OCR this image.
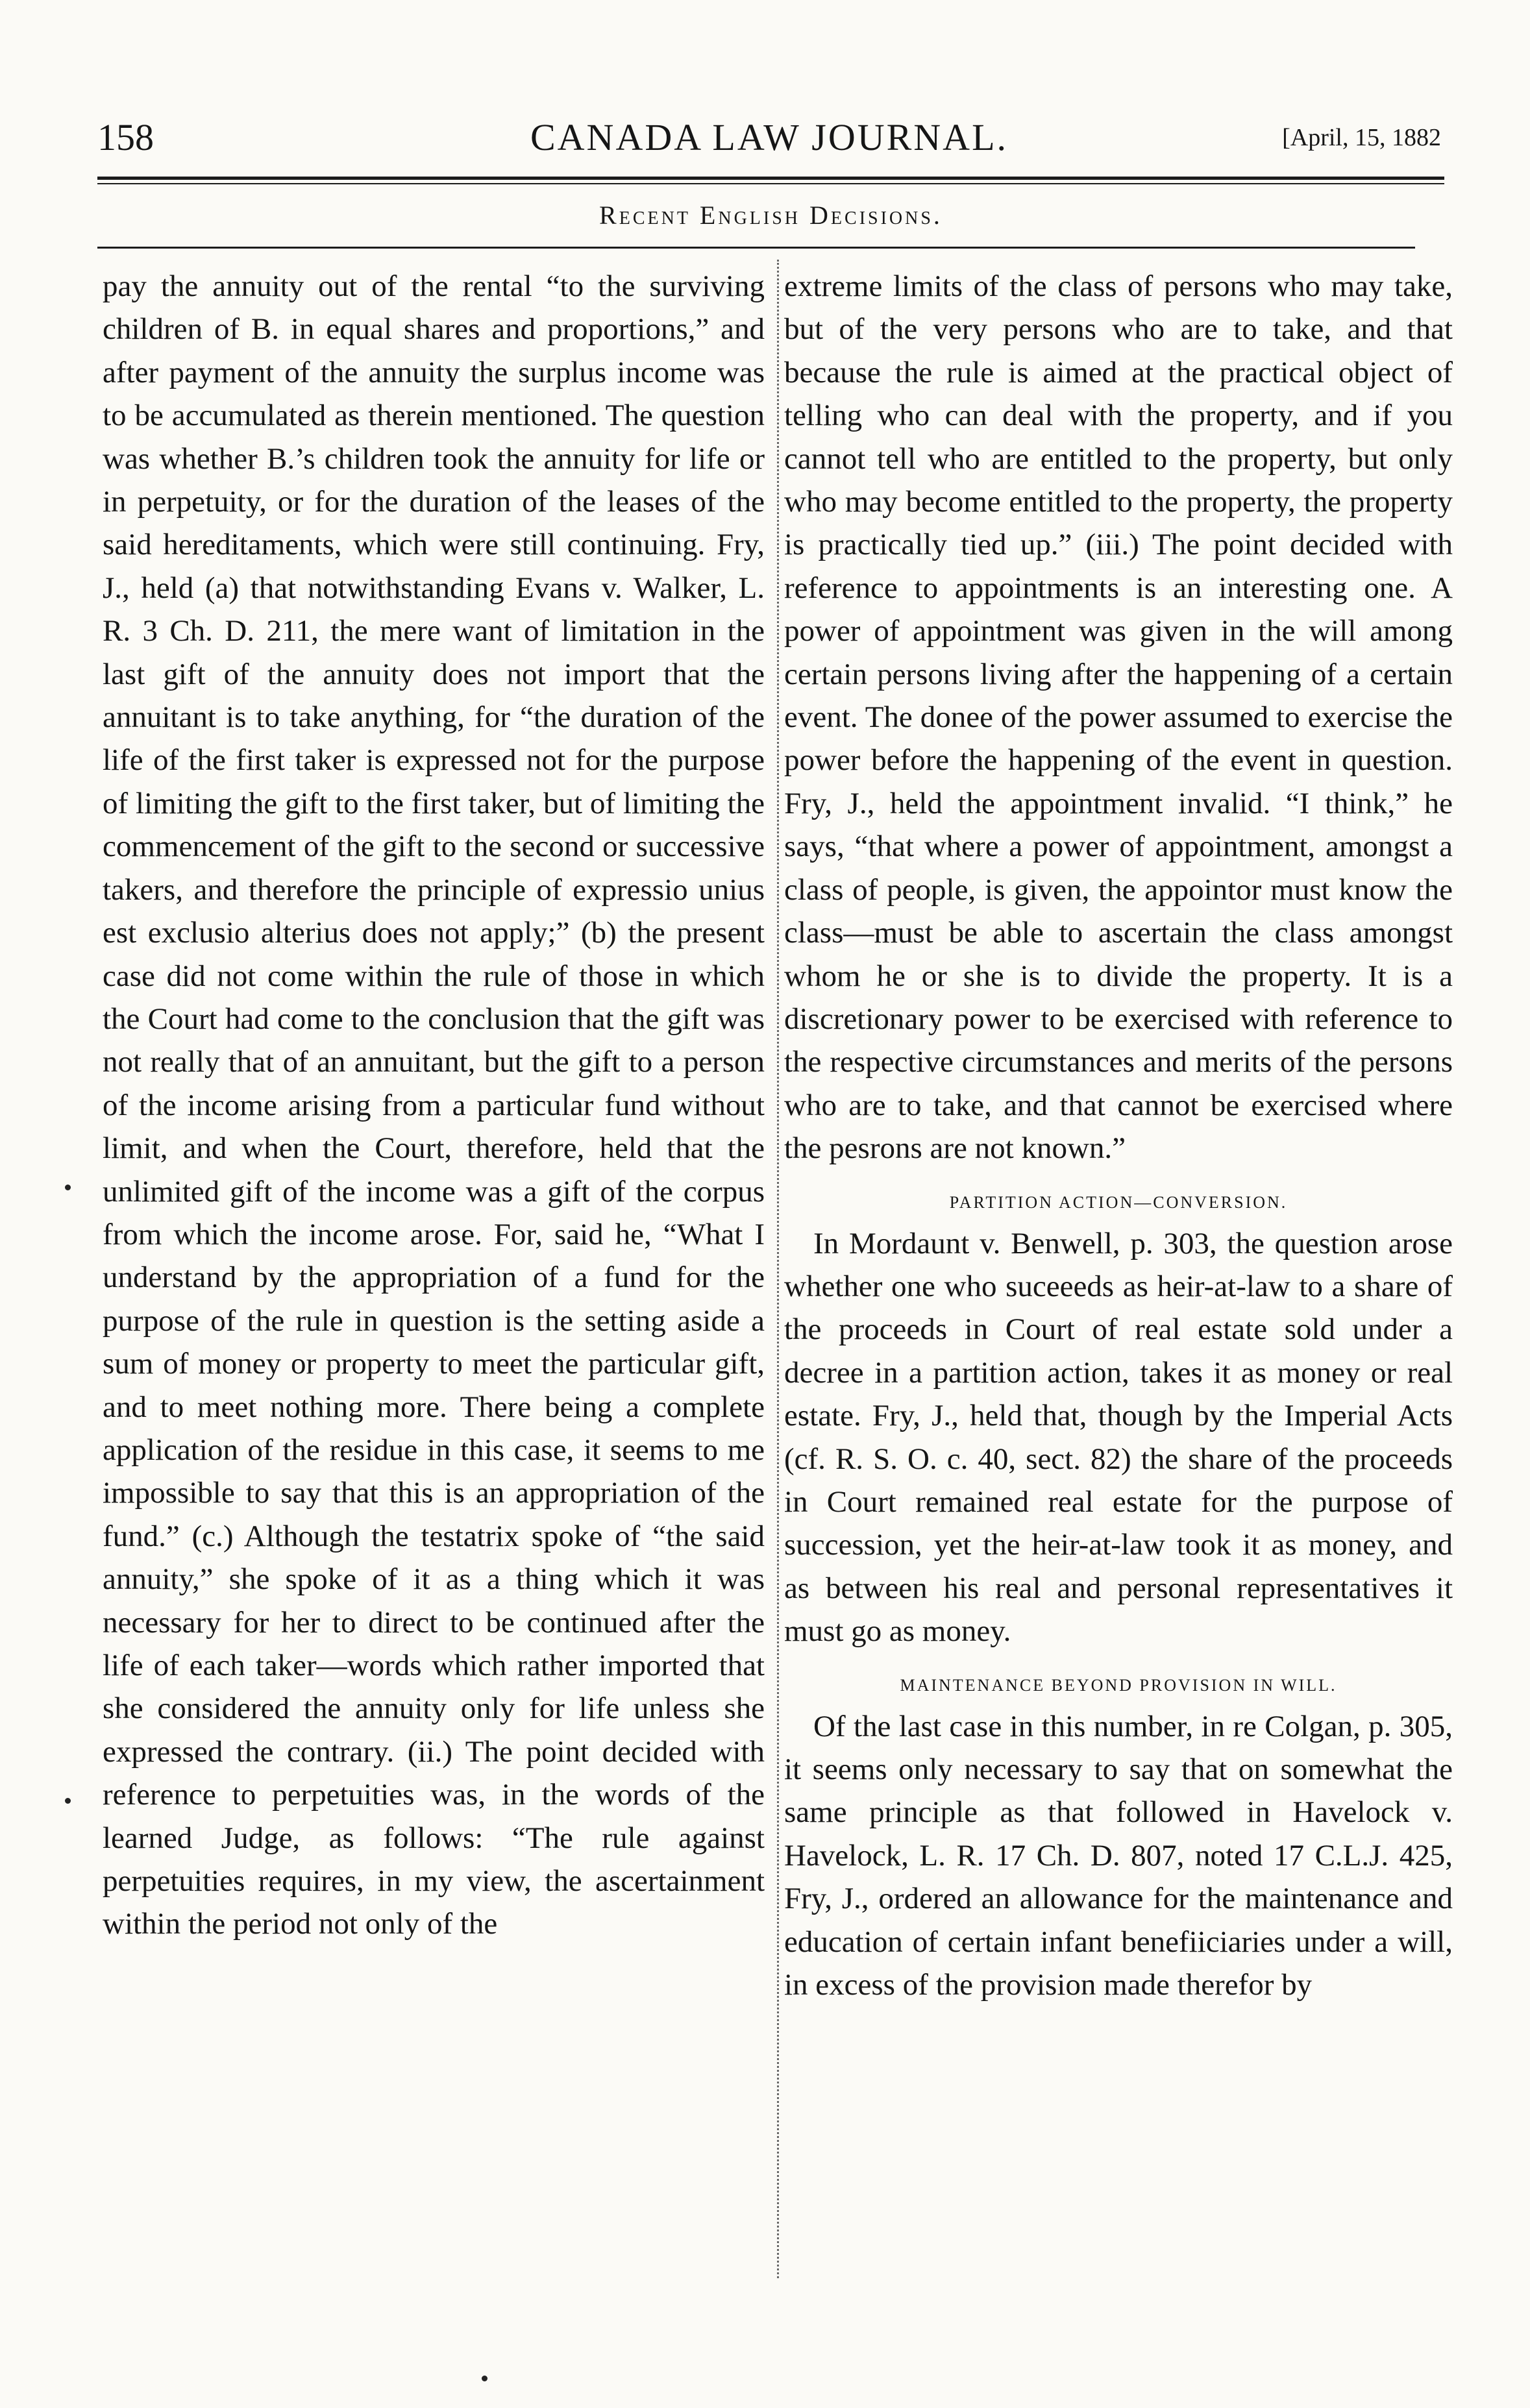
158	CANADA LAW JOURNAL.	[April, 15, 1882
Recent English Decisions.

pay the annuity out of the rental “to the surviving children of B. in equal shares and proportions,” and after payment of the annuity the surplus income was to be accumulated as therein mentioned. The question was whether B.’s children took the annuity for life or in perpetuity, or for the duration of the leases of the said hereditaments, which were still continuing. Fry, J., held (a) that notwithstanding Evans v. Walker, L. R. 3 Ch. D. 211, the mere want of limitation in the last gift of the annuity does not import that the annuitant is to take anything, for “the duration of the life of the first taker is expressed not for the purpose of limiting the gift to the first taker, but of limiting the commencement of the gift to the second or successive takers, and therefore the principle of expressio unius est exclusio alterius does not apply;” (b) the present case did not come within the rule of those in which the Court had come to the conclusion that the gift was not really that of an annuitant, but the gift to a person of the income arising from a particular fund without limit, and when the Court, therefore, held that the unlimited gift of the income was a gift of the corpus from which the income arose. For, said he, “What I understand by the appropriation of a fund for the purpose of the rule in question is the setting aside a sum of money or property to meet the particular gift, and to meet nothing more. There being a complete application of the residue in this case, it seems to me impossible to say that this is an appropriation of the fund.” (c.) Although the testatrix spoke of “the said annuity,” she spoke of it as a thing which it was necessary for her to direct to be continued after the life of each taker—words which rather imported that she considered the annuity only for life unless she expressed the contrary. (ii.) The point decided with reference to perpetuities was, in the words of the learned Judge, as follows: “The rule against perpetuities requires, in my view, the ascertainment within the period not only of the

extreme limits of the class of persons who may take, but of the very persons who are to take, and that because the rule is aimed at the practical object of telling who can deal with the property, and if you cannot tell who are entitled to the property, but only who may become entitled to the property, the property is practically tied up.” (iii.) The point decided with reference to appointments is an interesting one. A power of appointment was given in the will among certain persons living after the happening of a certain event. The donee of the power assumed to exercise the power before the happening of the event in question. Fry, J., held the appointment invalid. “I think,” he says, “that where a power of appointment, amongst a class of people, is given, the appointor must know the class—must be able to ascertain the class amongst whom he or she is to divide the property. It is a discretionary power to be exercised with reference to the respective circumstances and merits of the persons who are to take, and that cannot be exercised where the pesrons are not known.”

PARTITION ACTION—CONVERSION.

In Mordaunt v. Benwell, p. 303, the question arose whether one who suceeeds as heir-at-law to a share of the proceeds in Court of real estate sold under a decree in a partition action, takes it as money or real estate. Fry, J., held that, though by the Imperial Acts (cf. R. S. O. c. 40, sect. 82) the share of the proceeds in Court remained real estate for the purpose of succession, yet the heir-at-law took it as money, and as between his real and personal representatives it must go as money.

MAINTENANCE BEYOND PROVISION IN WILL.

Of the last case in this number, in re Colgan, p. 305, it seems only necessary to say that on somewhat the same principle as that followed in Havelock v. Havelock, L. R. 17 Ch. D. 807, noted 17 C.L.J. 425, Fry, J., ordered an allowance for the maintenance and education of certain infant benefiiciaries under a will, in excess of the provision made therefor by
